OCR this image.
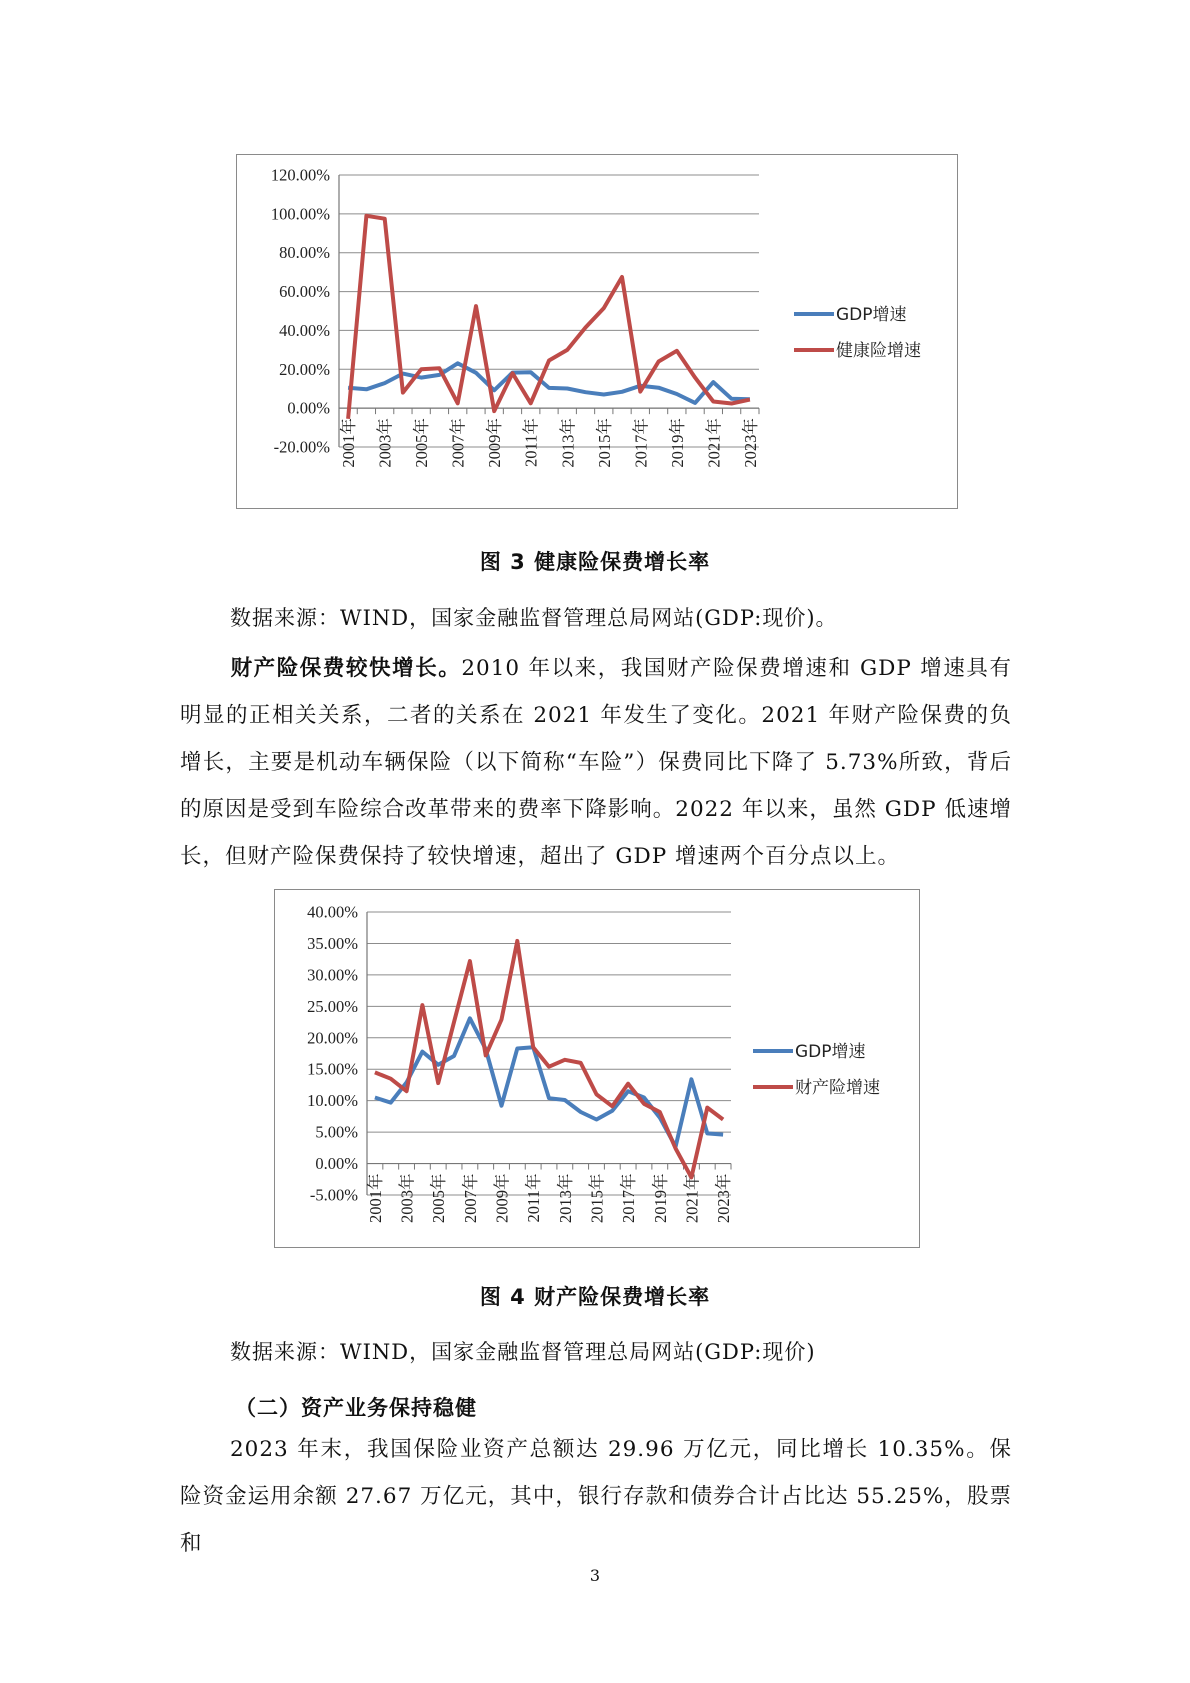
120.00%
100.00%
80.00%
60.00%
40.00%
20.00%
0.00%
-20.00% 2001年 2003年 2005年 2007年 2009年 2011年 2013年 2015年 2017年 2019年 2021年 2023年
GDP增速
健康险增速
图 3 健康险保费增长率
数据来源：WIND，国家金融监督管理总局网站(GDP:现价)。
财产险保费较快增长。2010 年以来，我国财产险保费增速和 GDP 增速具有明显的正相关关系，二者的关系在 2021 年发生了变化。2021 年财产险保费的负增长，主要是机动车辆保险（以下简称“车险”）保费同比下降了 5.73%所致，背后的原因是受到车险综合改革带来的费率下降影响。2022 年以来，虽然 GDP 低速增长，但财产险保费保持了较快增速，超出了 GDP 增速两个百分点以上。
40.00%
35.00%
30.00%
25.00%
20.00%
15.00%
10.00%
5.00%
0.00%
-5.00% 2001年 2003年 2005年 2007年 2009年 2011年 2013年 2015年 2017年 2019年 2021年 2023年
GDP增速
财产险增速
图 4 财产险保费增长率
数据来源：WIND，国家金融监督管理总局网站(GDP:现价)
（二）资产业务保持稳健
2023 年末，我国保险业资产总额达 29.96 万亿元，同比增长 10.35%。保险资金运用余额 27.67 万亿元，其中，银行存款和债券合计占比达 55.25%，股票和
3
